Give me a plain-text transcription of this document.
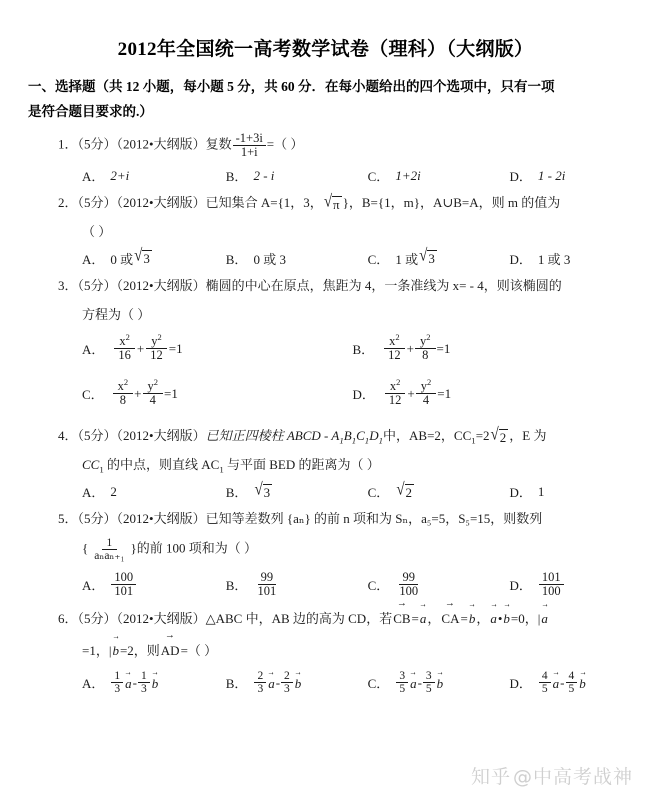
2012年全国统一高考数学试卷（理科）（大纲版）
一、选择题（共 12 小题，每小题 5 分，共 60 分．在每小题给出的四个选项中，只有一项
是符合题目要求的.）
1．（5分）（2012•大纲版）复数 $\frac{-1+3i}{1+i}$ =（ ）
A． 2+i	B． 2 - i	C． 1+2i	D． 1 - 2i
2．（5分）（2012•大纲版）已知集合 A={1，3， √ π }，B={1，m}，A∪B=A，则 m 的值为
（ ）
A． 0 或 √ 3	B． 0 或 3	C． 1 或 √ 3	D． 1 或 3
3．（5分）（2012•大纲版）椭圆的中心在原点，焦距为 4，一条准线为 x= - 4，则该椭圆的
方程为（ ）
A． $\frac{x^2}{16} + \frac{y^2}{12} =1$	B． $\frac{x^2}{12} + \frac{y^2}{8} =1$
C． $\frac{x^2}{8} + \frac{y^2}{4} =1$	D． $\frac{x^2}{12} + \frac{y^2}{4} =1$
4．（5分）（2012•大纲版）已知正四棱柱 ABCD - $A_1B_1C_1D_1$中，AB=2，$CC_1=2$ √ 2 ，E 为
$CC_1$ 的中点，则直线 $AC_1$ 与平面 BED 的距离为（ ）
A． 2	B． √ 3	C． √ 2	D． 1
5．（5分）（2012•大纲版）已知等差数列 {aₙ} 的前 n 项和为 Sₙ，a₅=5，S₅=15，则数列
{ $\frac{1}{\text{aₙaₙ₊₁}}$ }的前 100 项和为（ ）
A． $\frac{100}{101}$	B． $\frac{99}{101}$	C． $\frac{99}{100}$	D． $\frac{101}{100}$
6．（5分）（2012•大纲版）△ABC 中，AB 边的高为 CD，若CB →=a →，CA →=b →，a →•b →=0，|a →
=1，|b →=2，则AD →=（ ）
A． $\frac{1}{3}$ a → - $\frac{1}{3}$ b →	B． $\frac{2}{3}$ a → - $\frac{2}{3}$ b →	C． $\frac{3}{5}$ a → - $\frac{3}{5}$ b →	D． $\frac{4}{5}$ a → - $\frac{4}{5}$ b →
知乎 @中高考战神
